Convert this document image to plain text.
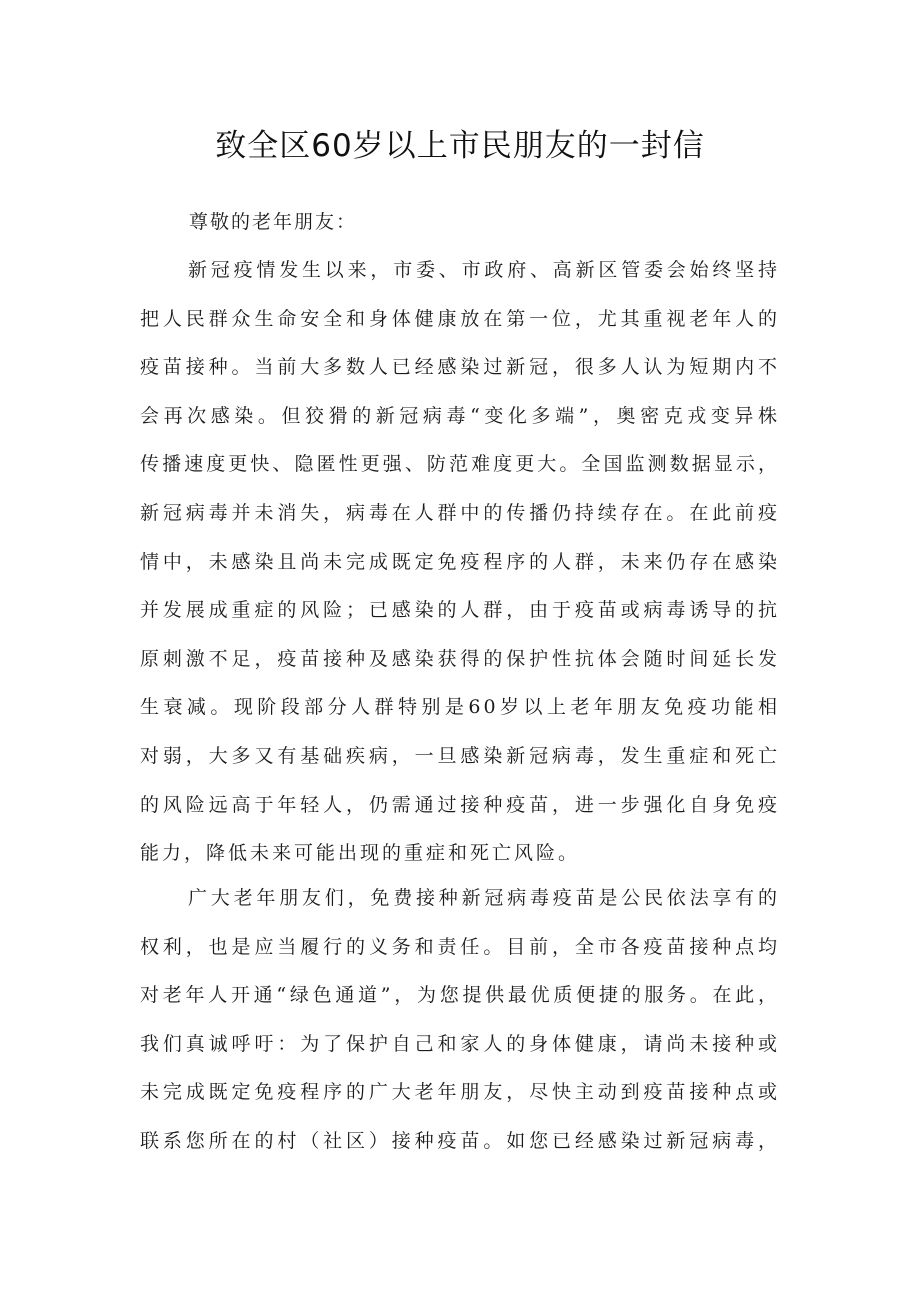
致全区60岁以上市民朋友的一封信

尊敬的老年朋友：

新冠疫情发生以来，市委、市政府、高新区管委会始终坚持
把人民群众生命安全和身体健康放在第一位，尤其重视老年人的
疫苗接种。当前大多数人已经感染过新冠，很多人认为短期内不
会再次感染。但狡猾的新冠病毒“变化多端”，奥密克戎变异株
传播速度更快、隐匿性更强、防范难度更大。全国监测数据显示，
新冠病毒并未消失，病毒在人群中的传播仍持续存在。在此前疫
情中，未感染且尚未完成既定免疫程序的人群，未来仍存在感染
并发展成重症的风险；已感染的人群，由于疫苗或病毒诱导的抗
原刺激不足，疫苗接种及感染获得的保护性抗体会随时间延长发
生衰减。现阶段部分人群特别是60岁以上老年朋友免疫功能相
对弱，大多又有基础疾病，一旦感染新冠病毒，发生重症和死亡
的风险远高于年轻人，仍需通过接种疫苗，进一步强化自身免疫
能力，降低未来可能出现的重症和死亡风险。
广大老年朋友们，免费接种新冠病毒疫苗是公民依法享有的
权利，也是应当履行的义务和责任。目前，全市各疫苗接种点均
对老年人开通“绿色通道”，为您提供最优质便捷的服务。在此，
我们真诚呼吁：为了保护自己和家人的身体健康，请尚未接种或
未完成既定免疫程序的广大老年朋友，尽快主动到疫苗接种点或
联系您所在的村（社区）接种疫苗。如您已经感染过新冠病毒，
